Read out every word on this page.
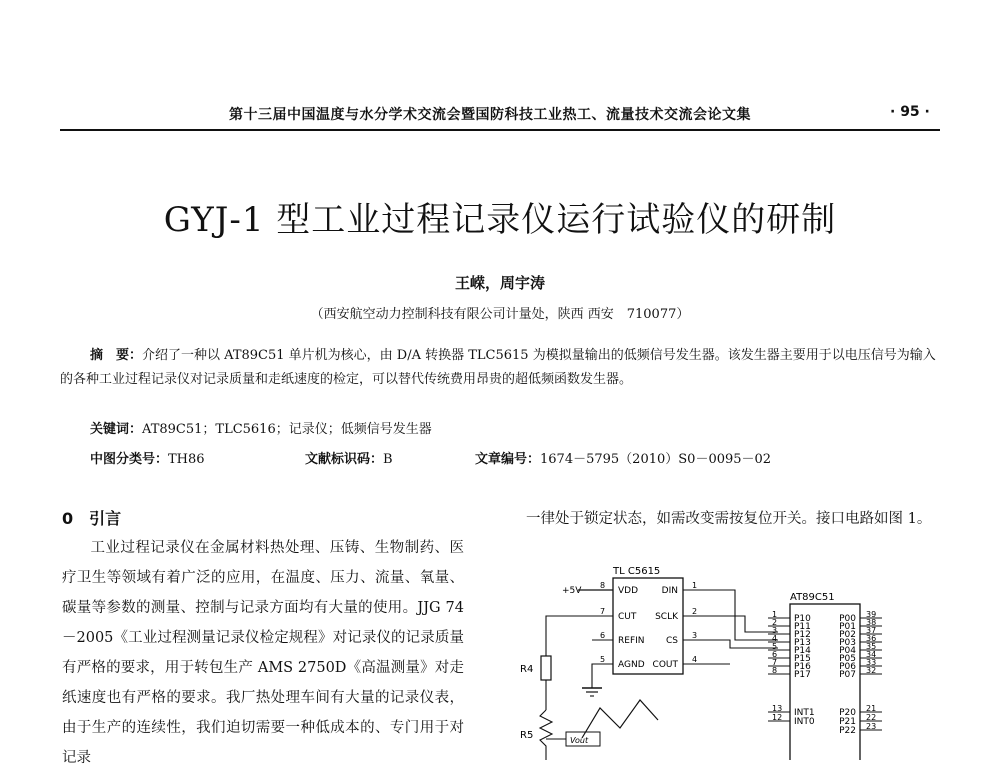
第十三届中国温度与水分学术交流会暨国防科技工业热工、流量技术交流会论文集	· 95 ·
GYJ-1 型工业过程记录仪运行试验仪的研制
王嵘，周宇涛
（西安航空动力控制科技有限公司计量处，陕西 西安　710077）
摘　要：介绍了一种以 AT89C51 单片机为核心，由 D/A 转换器 TLC5615 为模拟量输出的低频信号发生器。该发生器主要用于以电压信号为输入的各种工业过程记录仪对记录质量和走纸速度的检定，可以替代传统费用昂贵的超低频函数发生器。
关键词：AT89C51；TLC5616；记录仪；低频信号发生器
中图分类号：TH86	文献标识码：B	文章编号：1674－5795（2010）S0－0095－02
0　引言
工业过程记录仪在金属材料热处理、压铸、生物制药、医疗卫生等领域有着广泛的应用，在温度、压力、流量、氧量、碳量等参数的测量、控制与记录方面均有大量的使用。JJG 74－2005《工业过程测量记录仪检定规程》对记录仪的记录质量有严格的要求，用于转包生产 AMS 2750D《高温测量》对走纸速度也有严格的要求。我厂热处理车间有大量的记录仪表，由于生产的连续性，我们迫切需要一种低成本的、专门用于对记录
一律处于锁定状态，如需改变需按复位开关。接口电路如图 1。
TL C5615
VDD	DIN
8	1
CUT SCLK
7	2
REFIN CS
6	3
AGND COUT
5	4
AT89C51
P10
1
P11
2
P12
3
P13
4
P14
5
P15
6
P16
7
P17
8
INT1
13
INT0
12
P00 39
P01 38
P02 37
P03 36
P04 35
P05 34
P06 33
P07 32
P20 21
P21 22
P22 23
+5V
R4
R5	Vout
